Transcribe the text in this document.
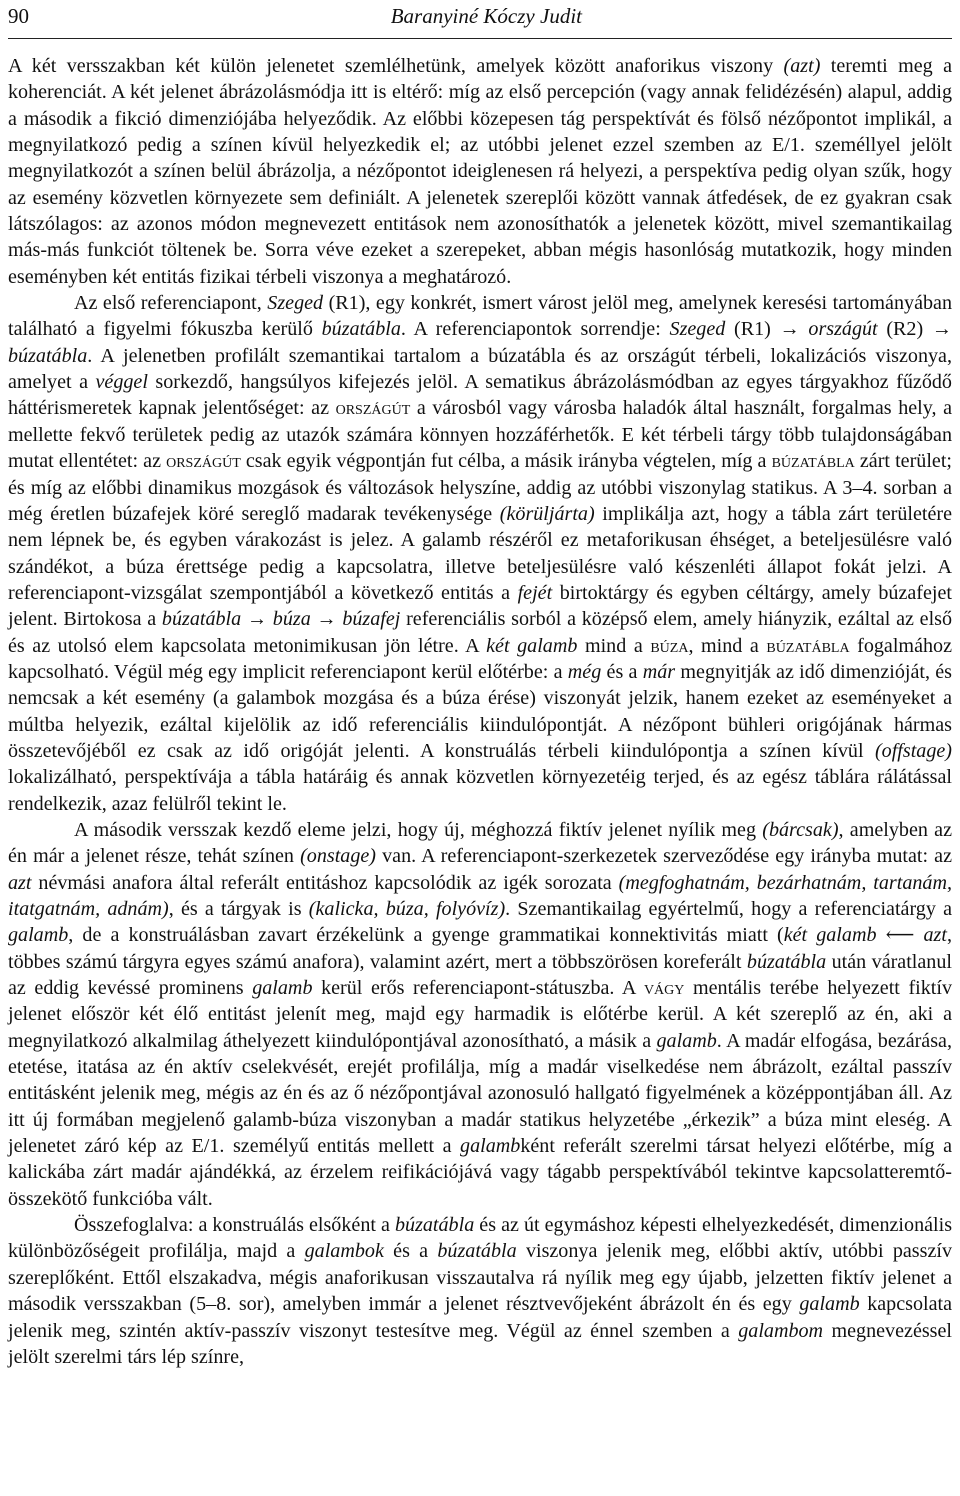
90	Baranyiné Kóczy Judit

A két versszakban két külön jelenetet szemlélhetünk, amelyek között anaforikus viszony (azt) teremti meg a koherenciát. A két jelenet ábrázolásmódja itt is eltérő: míg az első percepción (vagy annak felidézésén) alapul, addig a második a fikció dimenziójába helyeződik. Az előbbi közepesen tág perspektívát és fölső nézőpontot implikál, a megnyilatkozó pedig a színen kívül helyezkedik el; az utóbbi jelenet ezzel szemben az E/1. személlyel jelölt megnyilatkozót a színen belül ábrázolja, a nézőpontot ideiglenesen rá helyezi, a perspektíva pedig olyan szűk, hogy az esemény közvetlen környezete sem definiált. A jelenetek szereplői között vannak átfedések, de ez gyakran csak látszólagos: az azonos módon megnevezett entitások nem azonosíthatók a jelenetek között, mivel szemantikailag más-más funkciót töltenek be. Sorra véve ezeket a szerepeket, abban mégis hasonlóság mutatkozik, hogy minden eseményben két entitás fizikai térbeli viszonya a meghatározó.

Az első referenciapont, Szeged (R1), egy konkrét, ismert várost jelöl meg, amelynek keresési tartományában található a figyelmi fókuszba kerülő búzatábla. A referenciapontok sorrendje: Szeged (R1) → országút (R2) → búzatábla. A jelenetben profilált szemantikai tartalom a búzatábla és az országút térbeli, lokalizációs viszonya, amelyet a véggel sorkezdő, hangsúlyos kifejezés jelöl. A sematikus ábrázolásmódban az egyes tárgyakhoz fűződő háttérismeretek kapnak jelentőséget: az országút a városból vagy városba haladók által használt, forgalmas hely, a mellette fekvő területek pedig az utazók számára könnyen hozzáférhetők. E két térbeli tárgy több tulajdonságában mutat ellentétet: az országút csak egyik végpontján fut célba, a másik irányba végtelen, míg a búzatábla zárt terület; és míg az előbbi dinamikus mozgások és változások helyszíne, addig az utóbbi viszonylag statikus. A 3–4. sorban a még éretlen búzafejek köré sereglő madarak tevékenysége (körüljárta) implikálja azt, hogy a tábla zárt területére nem lépnek be, és egyben várakozást is jelez. A galamb részéről ez metaforikusan éhséget, a beteljesülésre való szándékot, a búza érettsége pedig a kapcsolatra, illetve beteljesülésre való készenléti állapot fokát jelzi. A referenciapont-vizsgálat szempontjából a következő entitás a fejét birtoktárgy és egyben céltárgy, amely búzafejet jelent. Birtokosa a búzatábla → búza → búzafej referenciális sorból a középső elem, amely hiányzik, ezáltal az első és az utolsó elem kapcsolata metonimikusan jön létre. A két galamb mind a búza, mind a búzatábla fogalmához kapcsolható. Végül még egy implicit referenciapont kerül előtérbe: a még és a már megnyitják az idő dimenzióját, és nemcsak a két esemény (a galambok mozgása és a búza érése) viszonyát jelzik, hanem ezeket az eseményeket a múltba helyezik, ezáltal kijelölik az idő referenciális kiindulópontját. A nézőpont bühleri origójának hármas összetevőjéből ez csak az idő origóját jelenti. A konstruálás térbeli kiindulópontja a színen kívül (offstage) lokalizálható, perspektívája a tábla határáig és annak közvetlen környezetéig terjed, és az egész táblára rálátással rendelkezik, azaz felülről tekint le.

A második versszak kezdő eleme jelzi, hogy új, méghozzá fiktív jelenet nyílik meg (bárcsak), amelyben az én már a jelenet része, tehát színen (onstage) van. A referenciapont-szerkezetek szerveződése egy irányba mutat: az azt névmási anafora által referált entitáshoz kapcsolódik az igék sorozata (megfoghatnám, bezárhatnám, tartanám, itatgatnám, adnám), és a tárgyak is (kalicka, búza, folyóvíz). Szemantikailag egyértelmű, hogy a referenciatárgy a galamb, de a konstruálásban zavart érzékelünk a gyenge grammatikai konnektivitás miatt (két galamb ⟵ azt, többes számú tárgyra egyes számú anafora), valamint azért, mert a többszörösen koreferált búzatábla után váratlanul az eddig kevéssé prominens galamb kerül erős referenciapont-státuszba. A vágy mentális terébe helyezett fiktív jelenet először két élő entitást jelenít meg, majd egy harmadik is előtérbe kerül. A két szereplő az én, aki a megnyilatkozó alkalmilag áthelyezett kiindulópontjával azonosítható, a másik a galamb. A madár elfogása, bezárása, etetése, itatása az én aktív cselekvését, erejét profilálja, míg a madár viselkedése nem ábrázolt, ezáltal passzív entitásként jelenik meg, mégis az én és az ő nézőpontjával azonosuló hallgató figyelmének a középpontjában áll. Az itt új formában megjelenő galamb-búza viszonyban a madár statikus helyzetébe „érkezik” a búza mint eleség. A jelenetet záró kép az E/1. személyű entitás mellett a galambként referált szerelmi társat helyezi előtérbe, míg a kalickába zárt madár ajándékká, az érzelem reifikációjává vagy tágabb perspektívából tekintve kapcsolatteremtő-összekötő funkcióba vált.

Összefoglalva: a konstruálás elsőként a búzatábla és az út egymáshoz képesti elhelyezkedését, dimenzionális különbözőségeit profilálja, majd a galambok és a búzatábla viszonya jelenik meg, előbbi aktív, utóbbi passzív szereplőként. Ettől elszakadva, mégis anaforikusan visszautalva rá nyílik meg egy újabb, jelzetten fiktív jelenet a második versszakban (5–8. sor), amelyben immár a jelenet résztvevőjeként ábrázolt én és egy galamb kapcsolata jelenik meg, szintén aktív-passzív viszonyt testesítve meg. Végül az énnel szemben a galambom megnevezéssel jelölt szerelmi társ lép színre,
